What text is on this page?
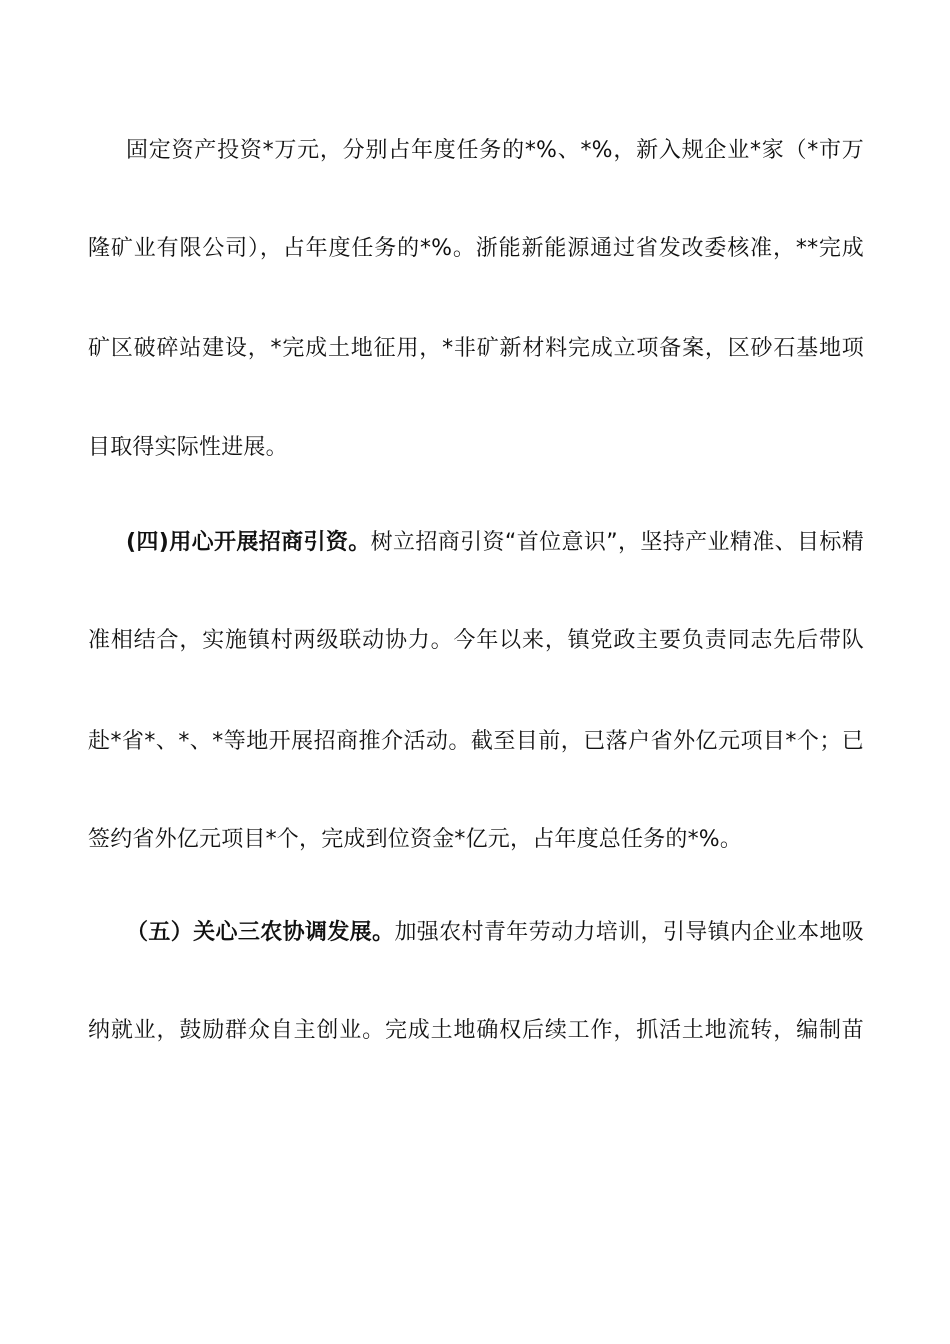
固定资产投资*万元，分别占年度任务的*%、*%，新入规企业*家（*市万
隆矿业有限公司），占年度任务的*%。浙能新能源通过省发改委核准，**完成
矿区破碎站建设，*完成土地征用，*非矿新材料完成立项备案，区砂石基地项
目取得实际性进展。
(四)用心开展招商引资。树立招商引资“首位意识”，坚持产业精准、目标精
准相结合，实施镇村两级联动协力。今年以来，镇党政主要负责同志先后带队
赴*省*、*、*等地开展招商推介活动。截至目前，已落户省外亿元项目*个；已
签约省外亿元项目*个，完成到位资金*亿元，占年度总任务的*%。
（五）关心三农协调发展。加强农村青年劳动力培训，引导镇内企业本地吸
纳就业，鼓励群众自主创业。完成土地确权后续工作，抓活土地流转，编制苗
